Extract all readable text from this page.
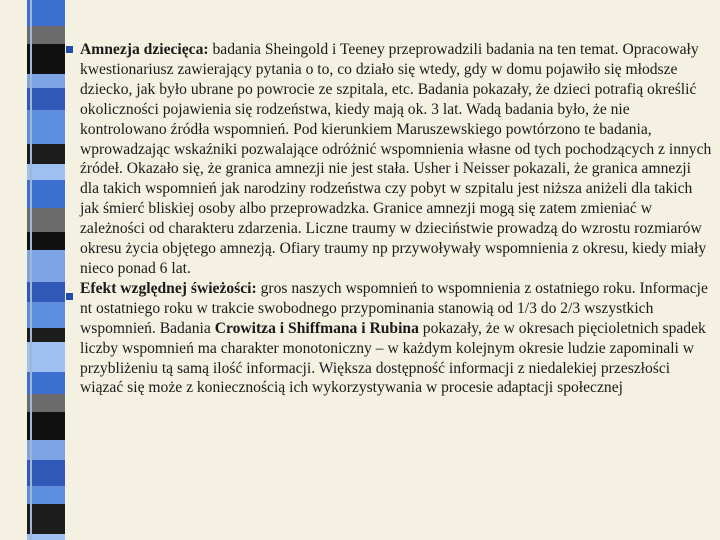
Amnezja dziecięca: badania Sheingold i Teeney przeprowadzili badania na ten temat. Opracowały kwestionariusz zawierający pytania o to, co działo się wtedy, gdy w domu pojawiło się młodsze dziecko, jak było ubrane po powrocie ze szpitala, etc. Badania pokazały, że dzieci potrafią określić okoliczności pojawienia się rodzeństwa, kiedy mają ok. 3 lat. Wadą badania było, że nie kontrolowano źródła wspomnień. Pod kierunkiem Maruszewskiego powtórzono te badania, wprowadzając wskaźniki pozwalające odróżnić wspomnienia własne od tych pochodzących z innych źródeł. Okazało się, że granica amnezji nie jest stała. Usher i Neisser pokazali, że granica amnezji dla takich wspomnień jak narodziny rodzeństwa czy pobyt w szpitalu jest niższa aniżeli dla takich jak śmierć bliskiej osoby albo przeprowadzka. Granice amnezji mogą się zatem zmieniać w zależności od charakteru zdarzenia. Liczne traumy w dzieciństwie prowadzą do wzrostu rozmiarów okresu życia objętego amnezją. Ofiary traumy np przywoływały wspomnienia z okresu, kiedy miały nieco ponad 6 lat.

Efekt względnej świeżości: gros naszych wspomnień to wspomnienia z ostatniego roku. Informacje nt ostatniego roku w trakcie swobodnego przypominania stanowią od 1/3 do 2/3 wszystkich wspomnień. Badania Crowitza i Shiffmana i Rubina pokazały, że w okresach pięcioletnich spadek liczby wspomnień ma charakter monotoniczny – w każdym kolejnym okresie ludzie zapominali w przybliżeniu tą samą ilość informacji. Większa dostępność informacji z niedalekiej przeszłości wiązać się może z koniecznością ich wykorzystywania w procesie adaptacji społecznej
